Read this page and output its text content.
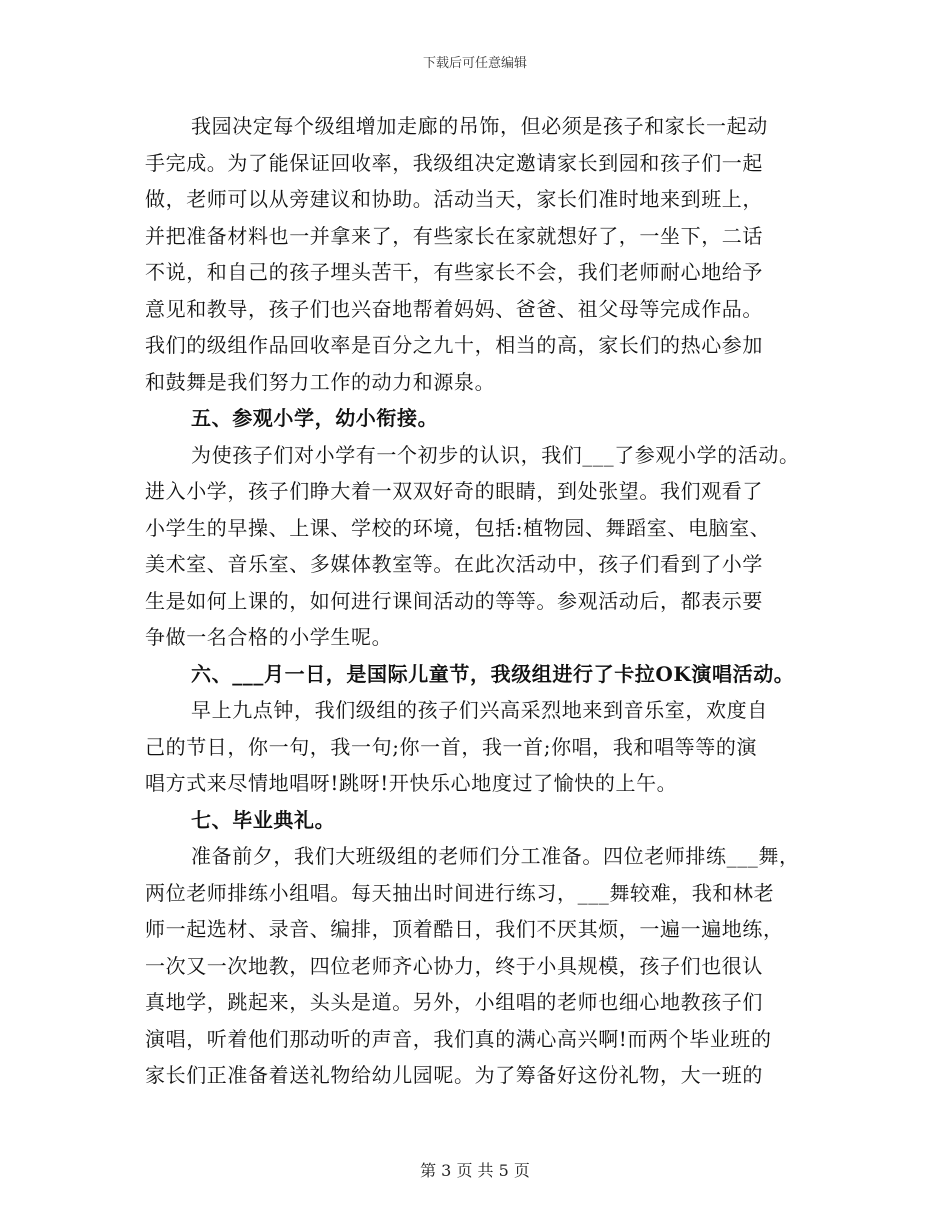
下载后可任意编辑
我园决定每个级组增加走廊的吊饰，但必须是孩子和家长一起动
手完成。为了能保证回收率，我级组决定邀请家长到园和孩子们一起
做，老师可以从旁建议和协助。活动当天，家长们准时地来到班上，
并把准备材料也一并拿来了，有些家长在家就想好了，一坐下，二话
不说，和自己的孩子埋头苦干，有些家长不会，我们老师耐心地给予
意见和教导，孩子们也兴奋地帮着妈妈、爸爸、祖父母等完成作品。
我们的级组作品回收率是百分之九十，相当的高，家长们的热心参加
和鼓舞是我们努力工作的动力和源泉。
五、参观小学，幼小衔接。
为使孩子们对小学有一个初步的认识，我们___了参观小学的活动。
进入小学，孩子们睁大着一双双好奇的眼睛，到处张望。我们观看了
小学生的早操、上课、学校的环境，包括:植物园、舞蹈室、电脑室、
美术室、音乐室、多媒体教室等。在此次活动中，孩子们看到了小学
生是如何上课的，如何进行课间活动的等等。参观活动后，都表示要
争做一名合格的小学生呢。
六、___月一日，是国际儿童节，我级组进行了卡拉OK演唱活动。
早上九点钟，我们级组的孩子们兴高采烈地来到音乐室，欢度自
己的节日，你一句，我一句;你一首，我一首;你唱，我和唱等等的演
唱方式来尽情地唱呀!跳呀!开快乐心地度过了愉快的上午。
七、毕业典礼。
准备前夕，我们大班级组的老师们分工准备。四位老师排练___舞，
两位老师排练小组唱。每天抽出时间进行练习，___舞较难，我和林老
师一起选材、录音、编排，顶着酷日，我们不厌其烦，一遍一遍地练，
一次又一次地教，四位老师齐心协力，终于小具规模，孩子们也很认
真地学，跳起来，头头是道。另外，小组唱的老师也细心地教孩子们
演唱，听着他们那动听的声音，我们真的满心高兴啊!而两个毕业班的
家长们正准备着送礼物给幼儿园呢。为了筹备好这份礼物，大一班的
第 3 页 共 5 页
